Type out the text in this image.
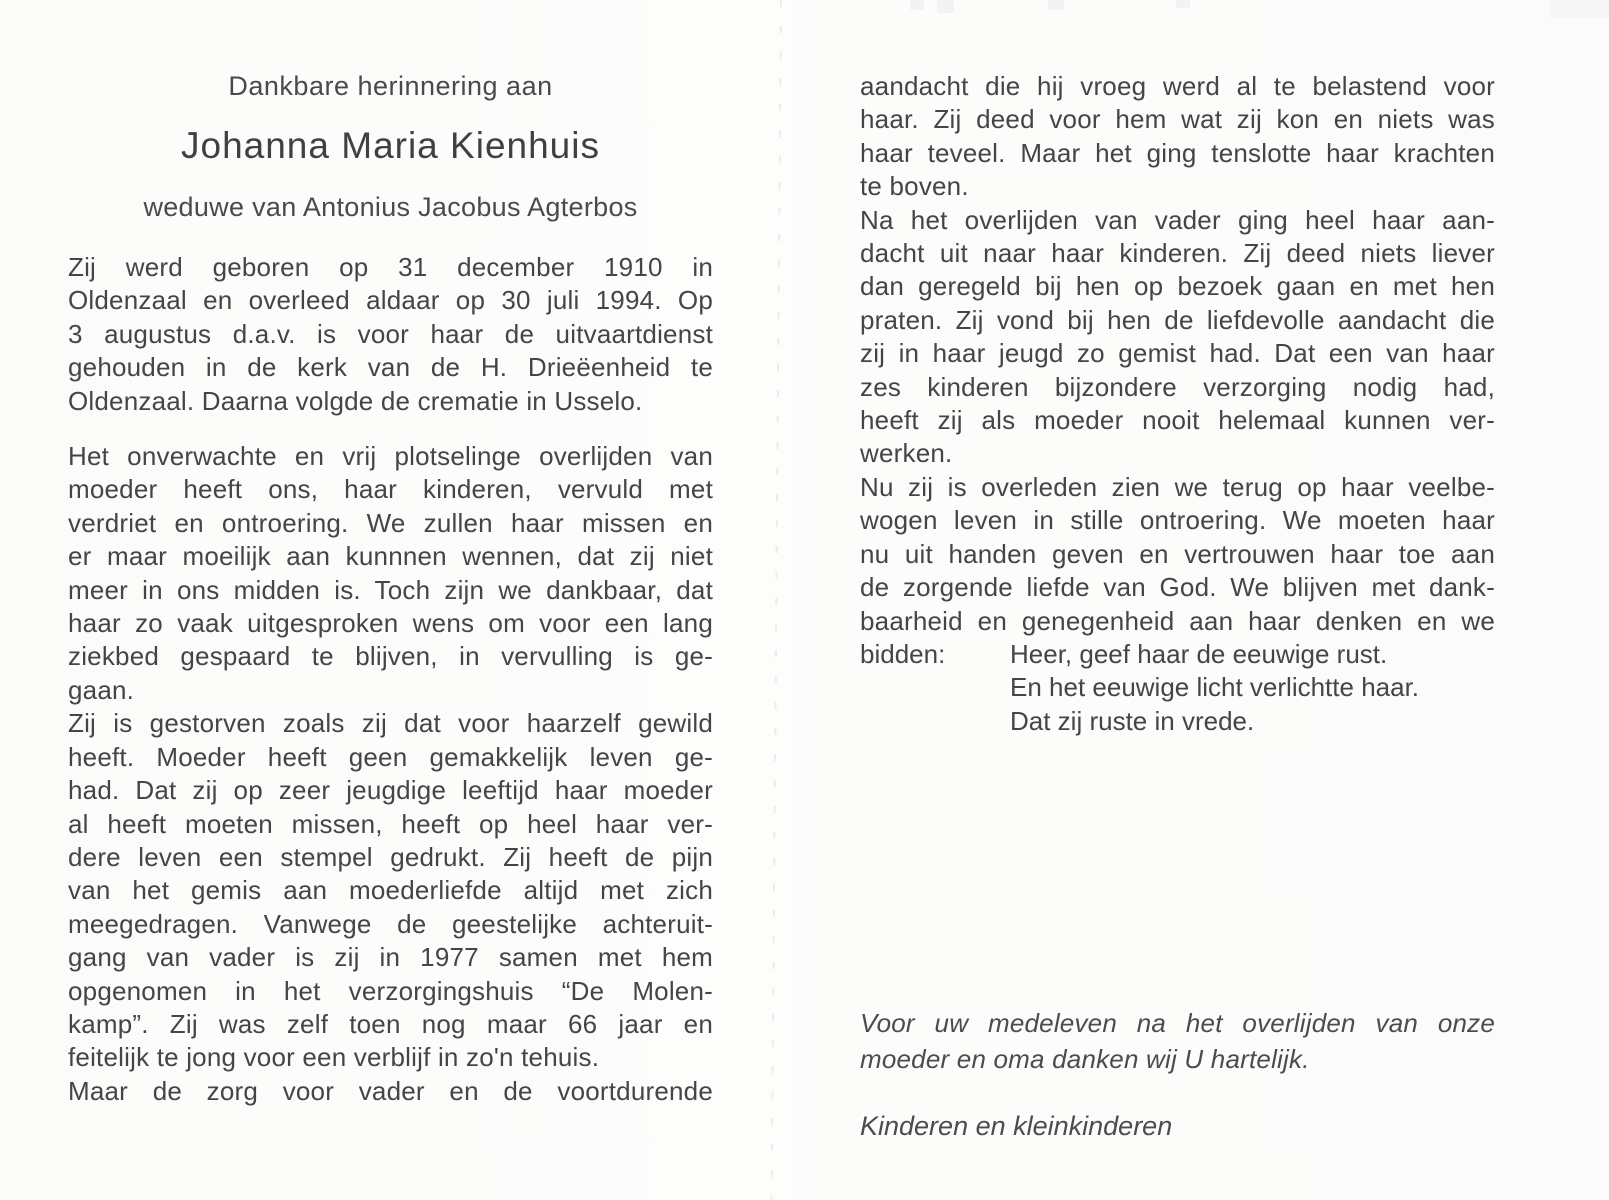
Dankbare herinnering aan
Johanna Maria Kienhuis
weduwe van Antonius Jacobus Agterbos
Zij werd geboren op 31 december 1910 in
Oldenzaal en overleed aldaar op 30 juli 1994. Op
3 augustus d.a.v. is voor haar de uitvaartdienst
gehouden in de kerk van de H. Drieëenheid te
Oldenzaal. Daarna volgde de crematie in Usselo.
Het onverwachte en vrij plotselinge overlijden van
moeder heeft ons, haar kinderen, vervuld met
verdriet en ontroering. We zullen haar missen en
er maar moeilijk aan kunnnen wennen, dat zij niet
meer in ons midden is. Toch zijn we dankbaar, dat
haar zo vaak uitgesproken wens om voor een lang
ziekbed gespaard te blijven, in vervulling is ge-
gaan.
Zij is gestorven zoals zij dat voor haarzelf gewild
heeft. Moeder heeft geen gemakkelijk leven ge-
had. Dat zij op zeer jeugdige leeftijd haar moeder
al heeft moeten missen, heeft op heel haar ver-
dere leven een stempel gedrukt. Zij heeft de pijn
van het gemis aan moederliefde altijd met zich
meegedragen. Vanwege de geestelijke achteruit-
gang van vader is zij in 1977 samen met hem
opgenomen in het verzorgingshuis “De Molen-
kamp”. Zij was zelf toen nog maar 66 jaar en
feitelijk te jong voor een verblijf in zo'n tehuis.
Maar de zorg voor vader en de voortdurende
aandacht die hij vroeg werd al te belastend voor
haar. Zij deed voor hem wat zij kon en niets was
haar teveel. Maar het ging tenslotte haar krachten
te boven.
Na het overlijden van vader ging heel haar aan-
dacht uit naar haar kinderen. Zij deed niets liever
dan geregeld bij hen op bezoek gaan en met hen
praten. Zij vond bij hen de liefdevolle aandacht die
zij in haar jeugd zo gemist had. Dat een van haar
zes kinderen bijzondere verzorging nodig had,
heeft zij als moeder nooit helemaal kunnen ver-
werken.
Nu zij is overleden zien we terug op haar veelbe-
wogen leven in stille ontroering. We moeten haar
nu uit handen geven en vertrouwen haar toe aan
de zorgende liefde van God. We blijven met dank-
baarheid en genegenheid aan haar denken en we
bidden:	Heer, geef haar de eeuwige rust.
En het eeuwige licht verlichtte haar.
Dat zij ruste in vrede.
Voor uw medeleven na het overlijden van onze
moeder en oma danken wij U hartelijk.
Kinderen en kleinkinderen
